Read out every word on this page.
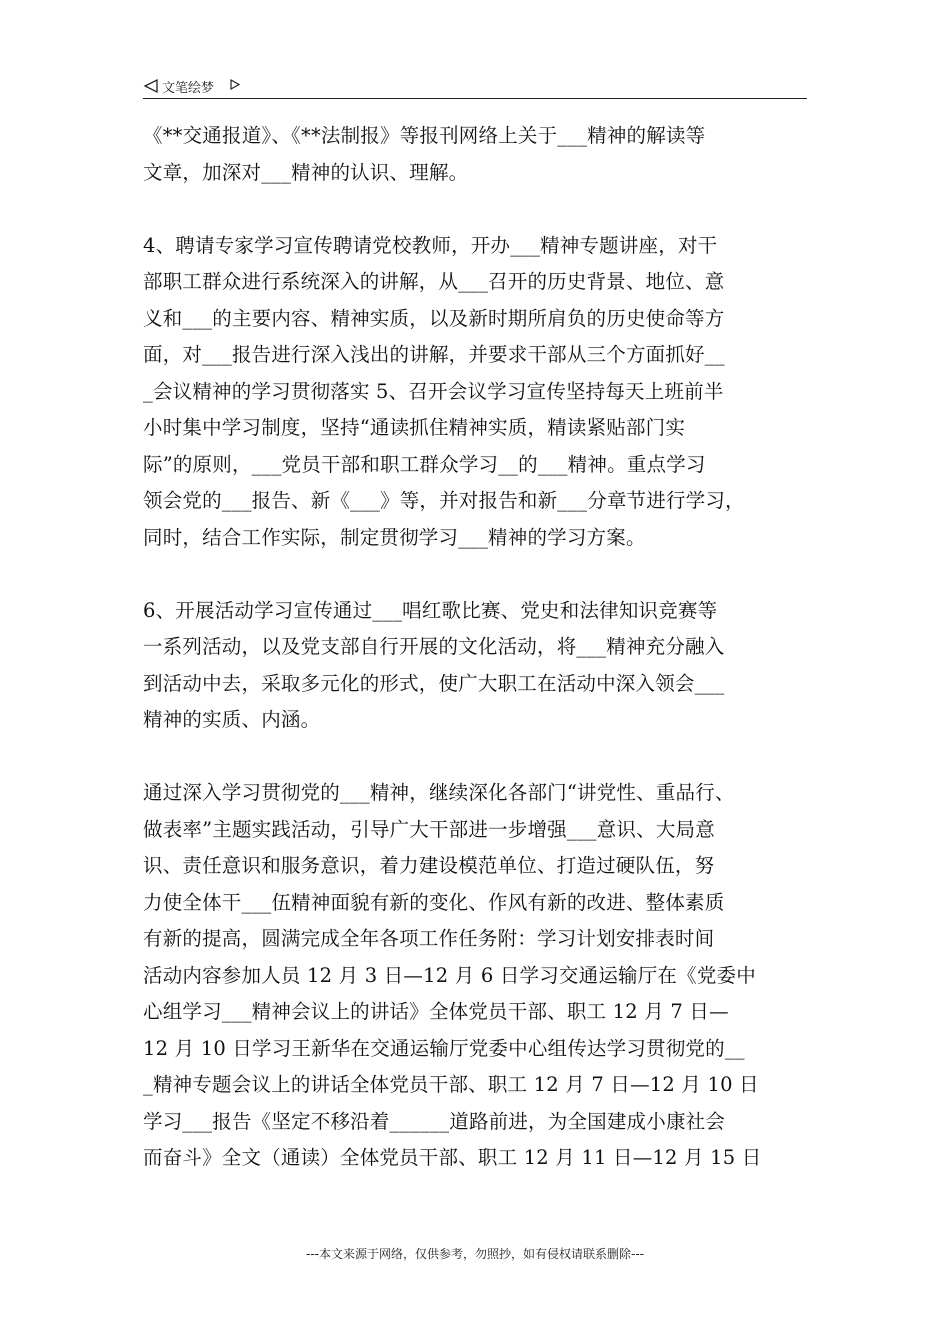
文笔绘梦
《**交通报道》、《**法制报》等报刊网络上关于___精神的解读等
文章，加深对___精神的认识、理解。
4、聘请专家学习宣传聘请党校教师，开办___精神专题讲座，对干
部职工群众进行系统深入的讲解，从___召开的历史背景、地位、意
义和___的主要内容、精神实质，以及新时期所肩负的历史使命等方
面，对___报告进行深入浅出的讲解，并要求干部从三个方面抓好__
_会议精神的学习贯彻落实 5、召开会议学习宣传坚持每天上班前半
小时集中学习制度，坚持“通读抓住精神实质，精读紧贴部门实
际”的原则，___党员干部和职工群众学习__的___精神。重点学习
领会党的___报告、新《___》等，并对报告和新___分章节进行学习，
同时，结合工作实际，制定贯彻学习___精神的学习方案。
6、开展活动学习宣传通过___唱红歌比赛、党史和法律知识竞赛等
一系列活动，以及党支部自行开展的文化活动，将___精神充分融入
到活动中去，采取多元化的形式，使广大职工在活动中深入领会___
精神的实质、内涵。
通过深入学习贯彻党的___精神，继续深化各部门“讲党性、重品行、
做表率”主题实践活动，引导广大干部进一步增强___意识、大局意
识、责任意识和服务意识，着力建设模范单位、打造过硬队伍，努
力使全体干___伍精神面貌有新的变化、作风有新的改进、整体素质
有新的提高，圆满完成全年各项工作任务附：学习计划安排表时间
活动内容参加人员 12 月 3 日—12 月 6 日学习交通运输厅在《党委中
心组学习___精神会议上的讲话》全体党员干部、职工 12 月 7 日—
12 月 10 日学习王新华在交通运输厅党委中心组传达学习贯彻党的__
_精神专题会议上的讲话全体党员干部、职工 12 月 7 日—12 月 10 日
学习___报告《坚定不移沿着______道路前进，为全国建成小康社会
而奋斗》全文（通读）全体党员干部、职工 12 月 11 日—12 月 15 日
---本文来源于网络，仅供参考，勿照抄，如有侵权请联系删除---
